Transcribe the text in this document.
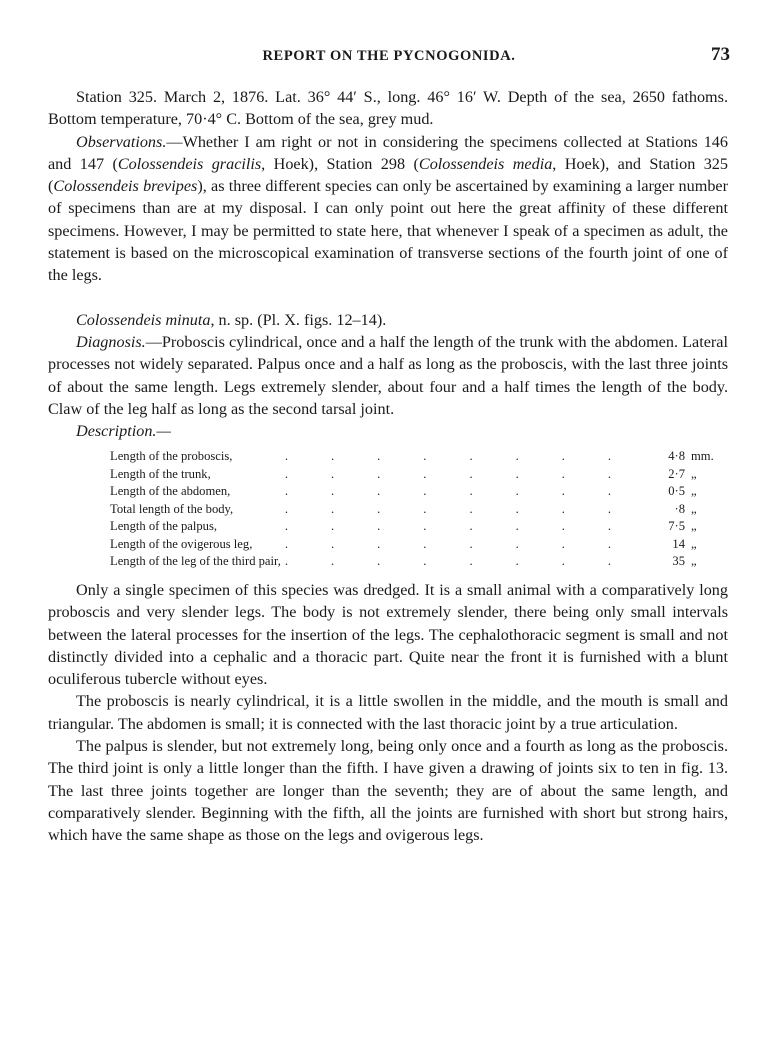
REPORT ON THE PYCNOGONIDA.	73

Station 325. March 2, 1876. Lat. 36° 44′ S., long. 46° 16′ W. Depth of the sea, 2650 fathoms. Bottom temperature, 70·4° C. Bottom of the sea, grey mud.

Observations.—Whether I am right or not in considering the specimens collected at Stations 146 and 147 (Colossendeis gracilis, Hoek), Station 298 (Colossendeis media, Hoek), and Station 325 (Colossendeis brevipes), as three different species can only be ascertained by examining a larger number of specimens than are at my disposal. I can only point out here the great affinity of these different specimens. However, I may be permitted to state here, that whenever I speak of a specimen as adult, the statement is based on the microscopical examination of transverse sections of the fourth joint of one of the legs.

Colossendeis minuta, n. sp. (Pl. X. figs. 12–14).

Diagnosis.—Proboscis cylindrical, once and a half the length of the trunk with the abdomen. Lateral processes not widely separated. Palpus once and a half as long as the proboscis, with the last three joints of about the same length. Legs extremely slender, about four and a half times the length of the body. Claw of the leg half as long as the second tarsal joint.

Description.—

Length of the proboscis,	........	4·8	mm.
Length of the trunk,	........	2·7	„
Length of the abdomen,	........	0·5	„
Total length of the body,	........	·8	„
Length of the palpus,	........	7·5	„
Length of the ovigerous leg,	........	14	„
Length of the leg of the third pair,	........	35	„

Only a single specimen of this species was dredged. It is a small animal with a comparatively long proboscis and very slender legs. The body is not extremely slender, there being only small intervals between the lateral processes for the insertion of the legs. The cephalothoracic segment is small and not distinctly divided into a cephalic and a thoracic part. Quite near the front it is furnished with a blunt oculiferous tubercle without eyes.

The proboscis is nearly cylindrical, it is a little swollen in the middle, and the mouth is small and triangular. The abdomen is small; it is connected with the last thoracic joint by a true articulation.

The palpus is slender, but not extremely long, being only once and a fourth as long as the proboscis. The third joint is only a little longer than the fifth. I have given a drawing of joints six to ten in fig. 13. The last three joints together are longer than the seventh; they are of about the same length, and comparatively slender. Beginning with the fifth, all the joints are furnished with short but strong hairs, which have the same shape as those on the legs and ovigerous legs.
